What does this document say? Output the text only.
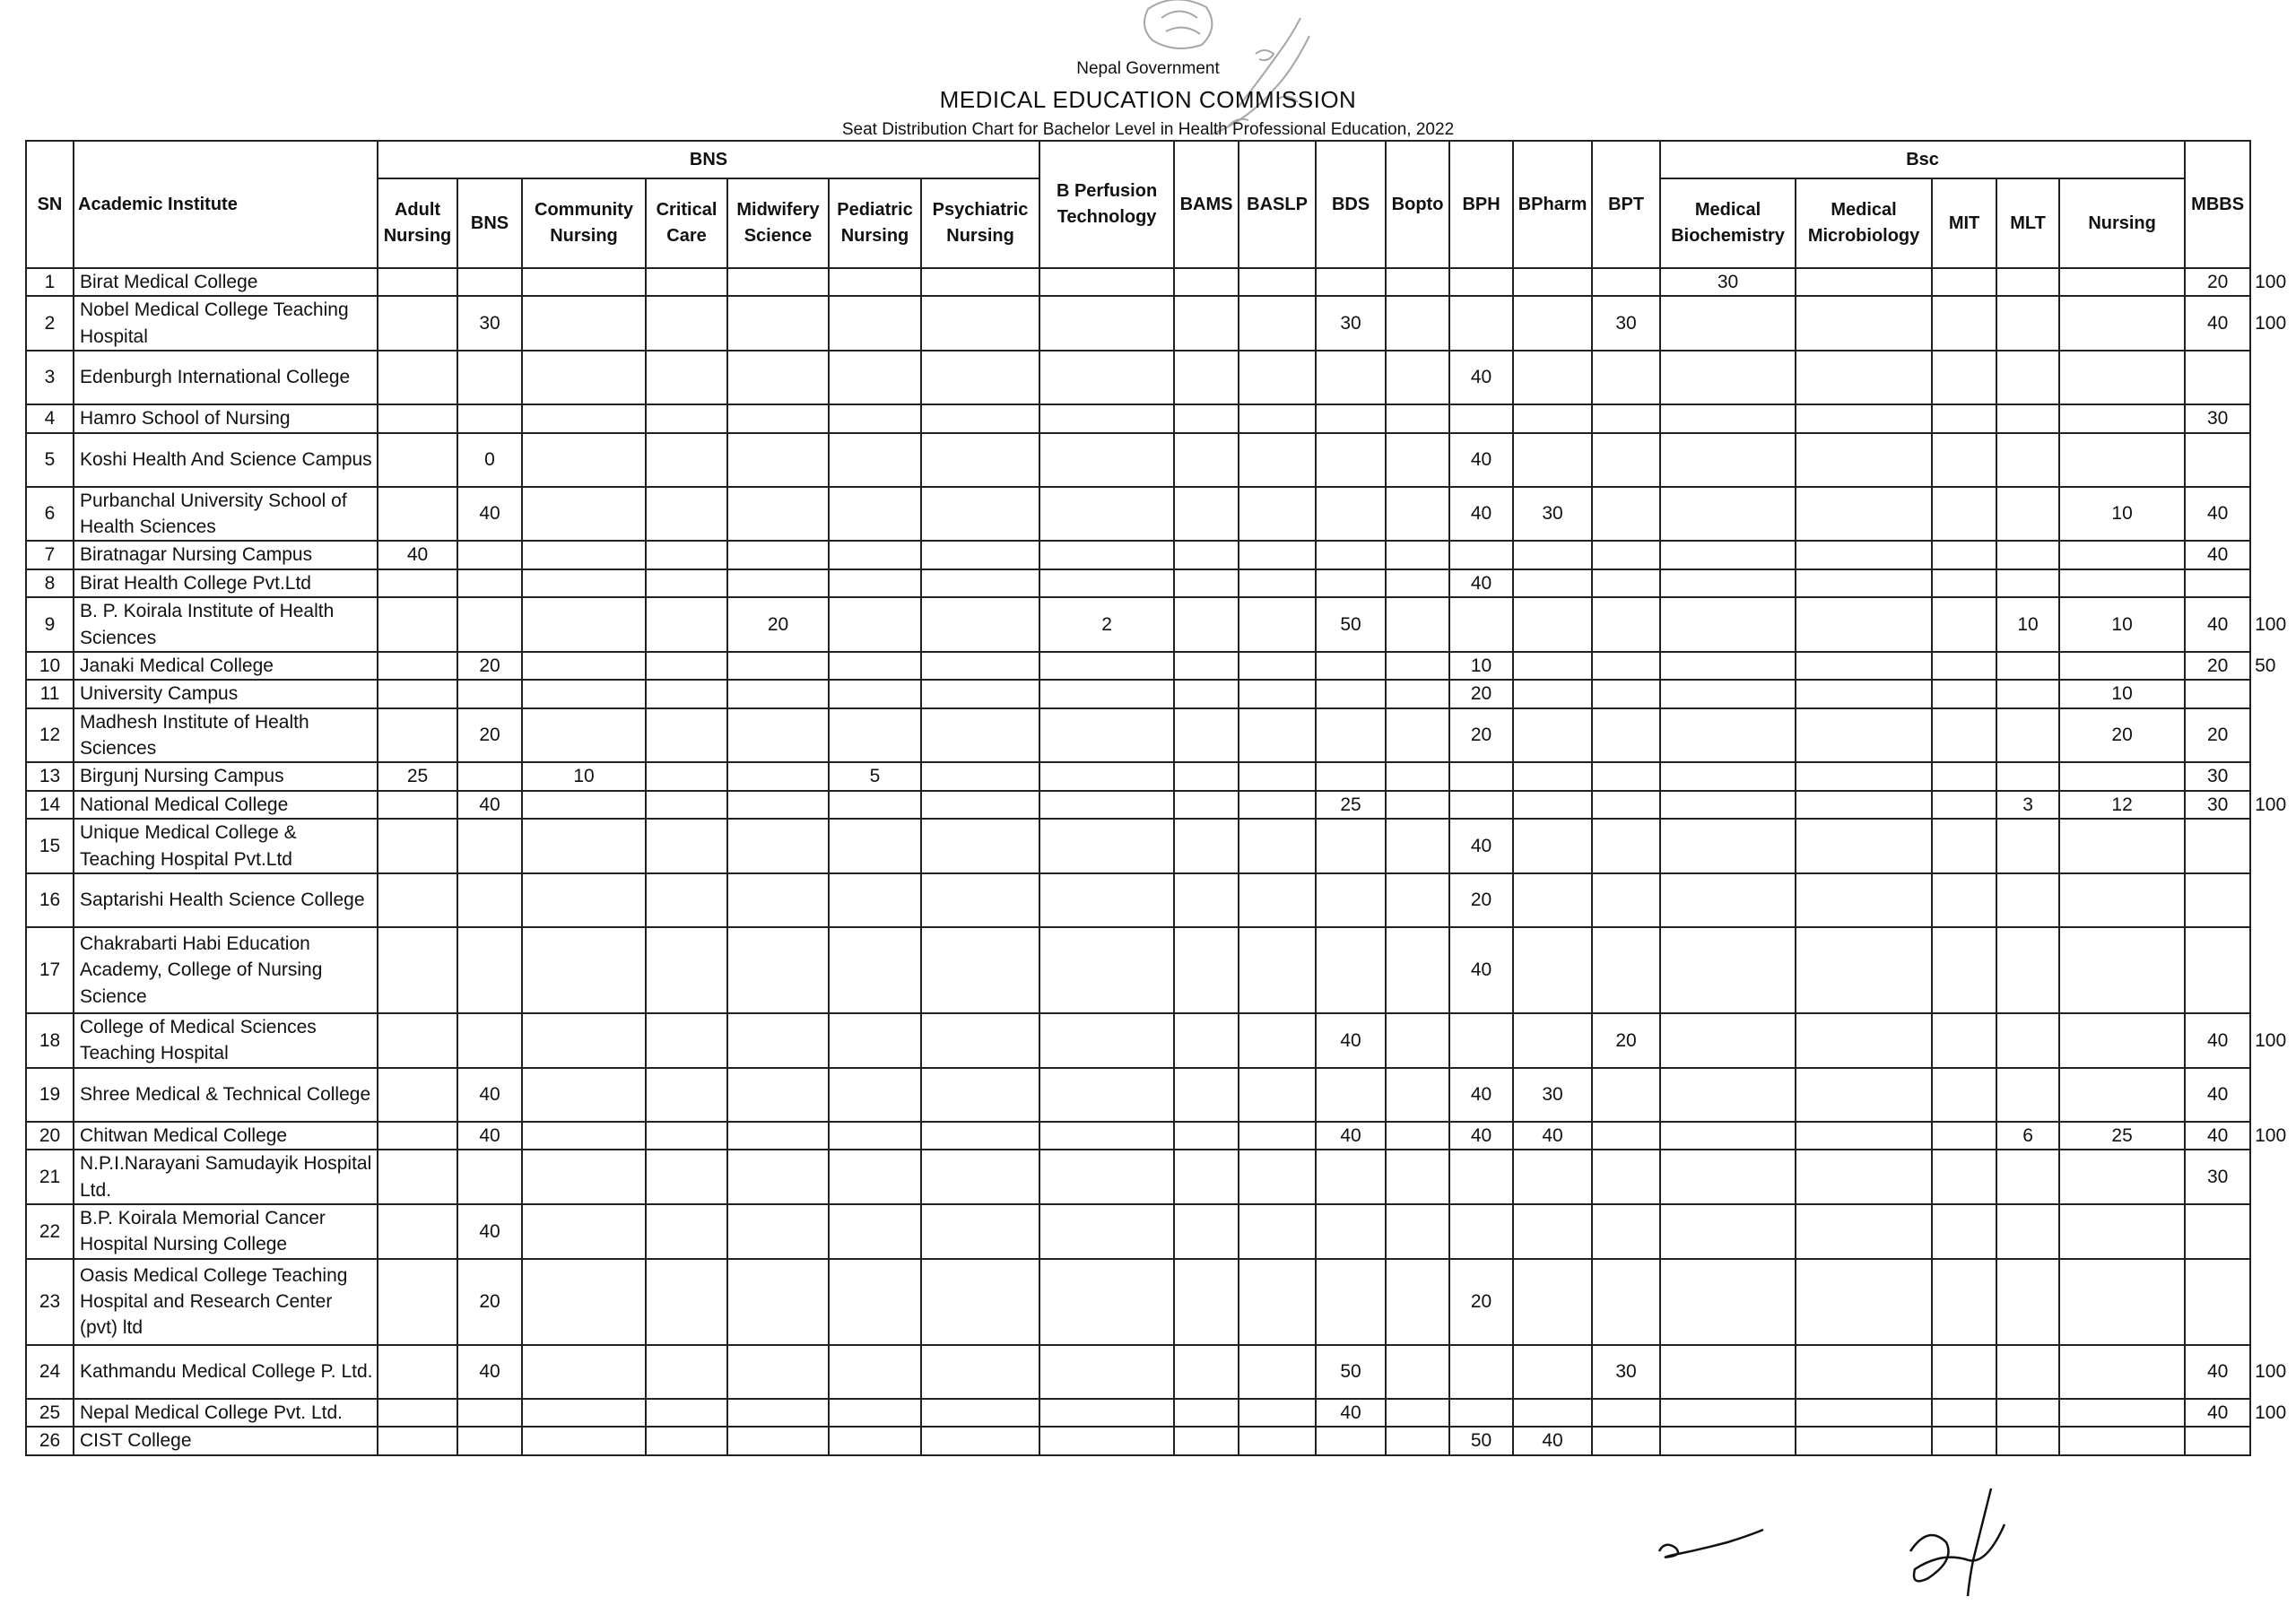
Nepal Government
MEDICAL EDUCATION COMMISSION
Seat Distribution Chart for Bachelor Level in Health Professional Education, 2022
SN	Academic Institute	BNS							B Perfusion Technology	BAMS	BASLP	BDS	Bopto	BPH	BPharm	BPT	Bsc					MBBS	
		Adult Nursing	BNS	Community Nursing	Critical Care	Midwifery Science	Pediatric Nursing	Psychiatric Nursing									Medical Biochemistry	Medical Microbiology	MIT	MLT	Nursing		
1	Birat Medical College																30					20	100
2	Nobel Medical College Teaching Hospital		30									30				30						40	100
3	Edenburgh International College													40									
4	Hamro School of Nursing																					30	
5	Koshi Health And Science Campus		0											40									
6	Purbanchal University School of Health Sciences		40											40	30						10	40	
7	Biratnagar Nursing Campus	40																				40	
8	Birat Health College Pvt.Ltd													40									
9	B. P. Koirala Institute of Health Sciences					20			2			50								10	10	40	100
10	Janaki Medical College		20											10								20	50
11	University Campus													20							10		
12	Madhesh Institute of Health Sciences		20											20							20	20	
13	Birgunj Nursing Campus	25		10			5															30	
14	National Medical College		40									25								3	12	30	100
15	Unique Medical College & Teaching Hospital Pvt.Ltd													40									
16	Saptarishi Health Science College													20									
17	Chakrabarti Habi Education Academy, College of Nursing Science													40									
18	College of Medical Sciences Teaching Hospital											40				20						40	100
19	Shree Medical & Technical College		40											40	30							40	
20	Chitwan Medical College		40									40		40	40					6	25	40	100
21	N.P.I.Narayani Samudayik Hospital Ltd.																					30	
22	B.P. Koirala Memorial Cancer Hospital Nursing College		40																				
23	Oasis Medical College Teaching Hospital and Research Center (pvt) ltd		20											20									
24	Kathmandu Medical College P. Ltd.		40									50				30						40	100
25	Nepal Medical College Pvt. Ltd.											40										40	100
26	CIST College													50	40								
